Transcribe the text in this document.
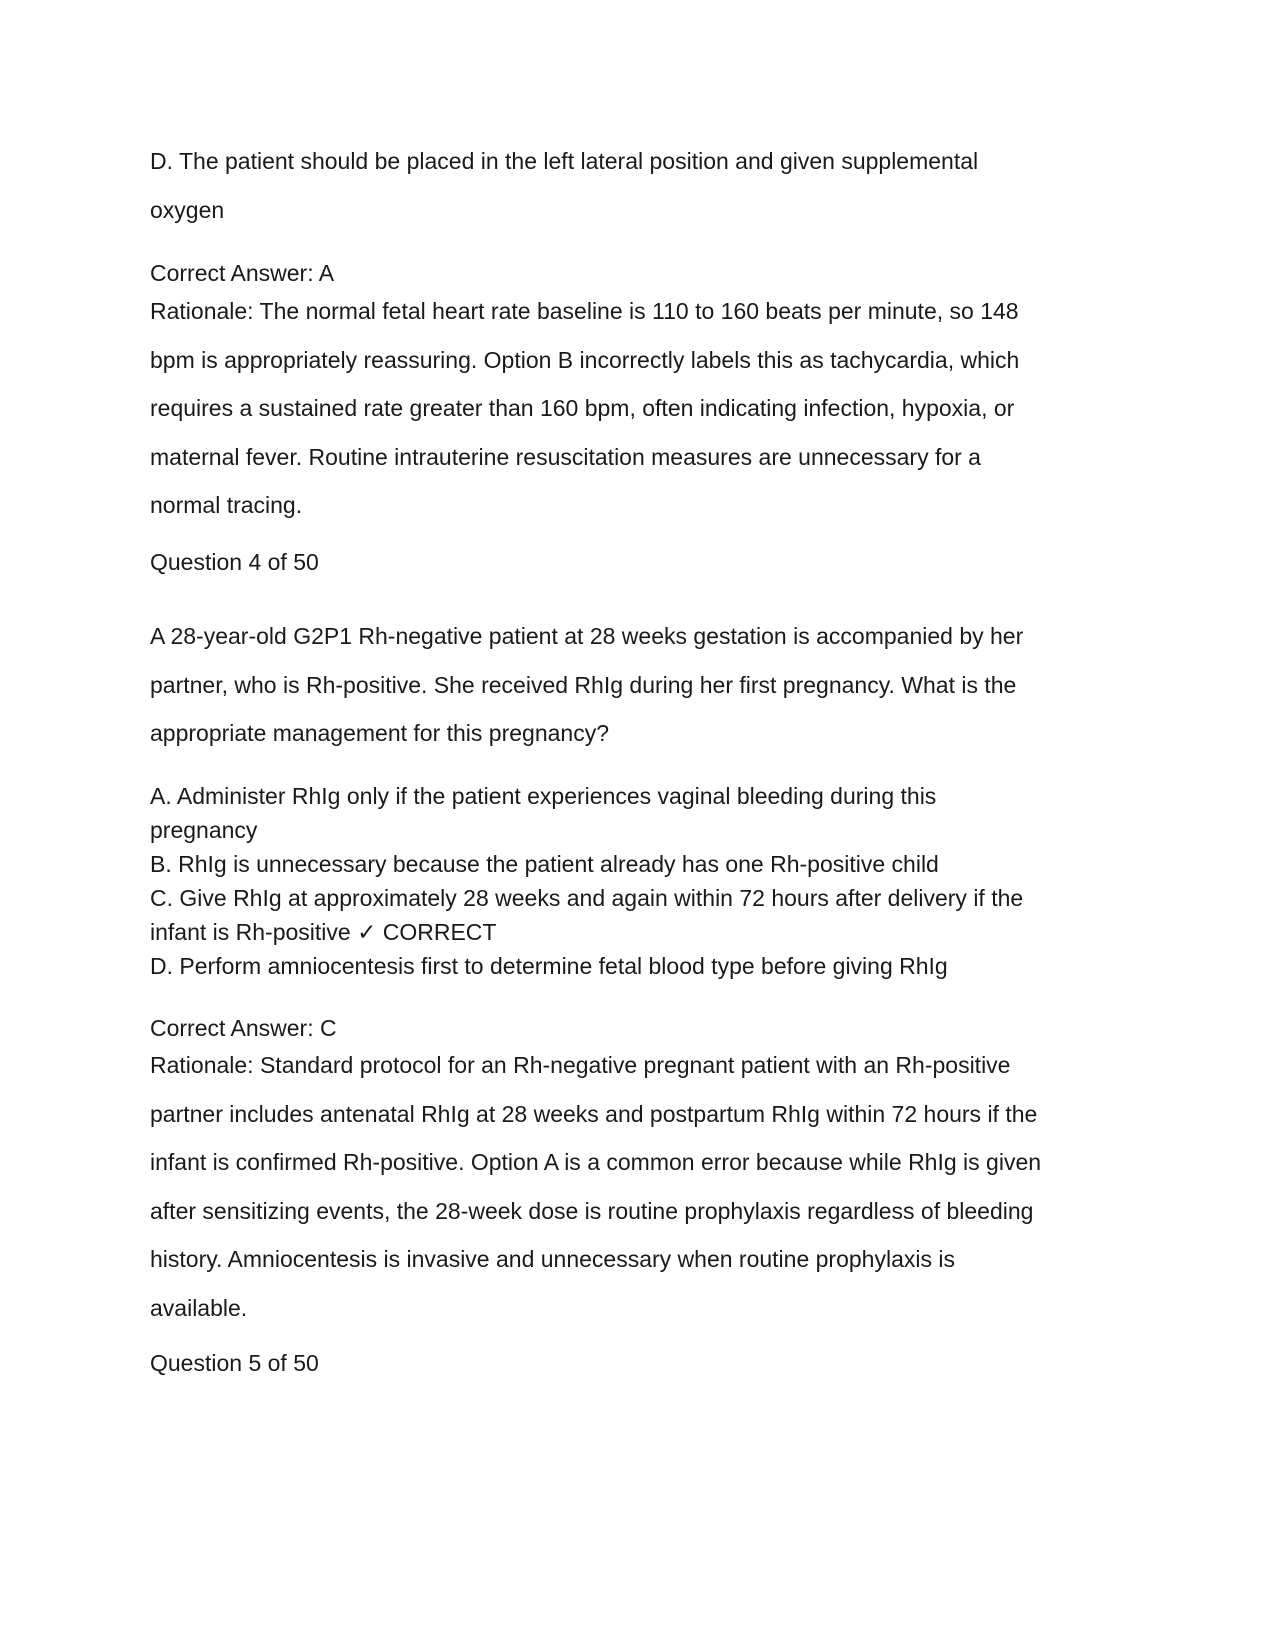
D. The patient should be placed in the left lateral position and given supplemental
oxygen
Correct Answer: A
Rationale: The normal fetal heart rate baseline is 110 to 160 beats per minute, so 148
bpm is appropriately reassuring. Option B incorrectly labels this as tachycardia, which
requires a sustained rate greater than 160 bpm, often indicating infection, hypoxia, or
maternal fever. Routine intrauterine resuscitation measures are unnecessary for a
normal tracing.
Question 4 of 50
A 28-year-old G2P1 Rh-negative patient at 28 weeks gestation is accompanied by her
partner, who is Rh-positive. She received RhIg during her first pregnancy. What is the
appropriate management for this pregnancy?
A. Administer RhIg only if the patient experiences vaginal bleeding during this
pregnancy
B. RhIg is unnecessary because the patient already has one Rh-positive child
C. Give RhIg at approximately 28 weeks and again within 72 hours after delivery if the
infant is Rh-positive ✓ CORRECT
D. Perform amniocentesis first to determine fetal blood type before giving RhIg
Correct Answer: C
Rationale: Standard protocol for an Rh-negative pregnant patient with an Rh-positive
partner includes antenatal RhIg at 28 weeks and postpartum RhIg within 72 hours if the
infant is confirmed Rh-positive. Option A is a common error because while RhIg is given
after sensitizing events, the 28-week dose is routine prophylaxis regardless of bleeding
history. Amniocentesis is invasive and unnecessary when routine prophylaxis is
available.
Question 5 of 50
